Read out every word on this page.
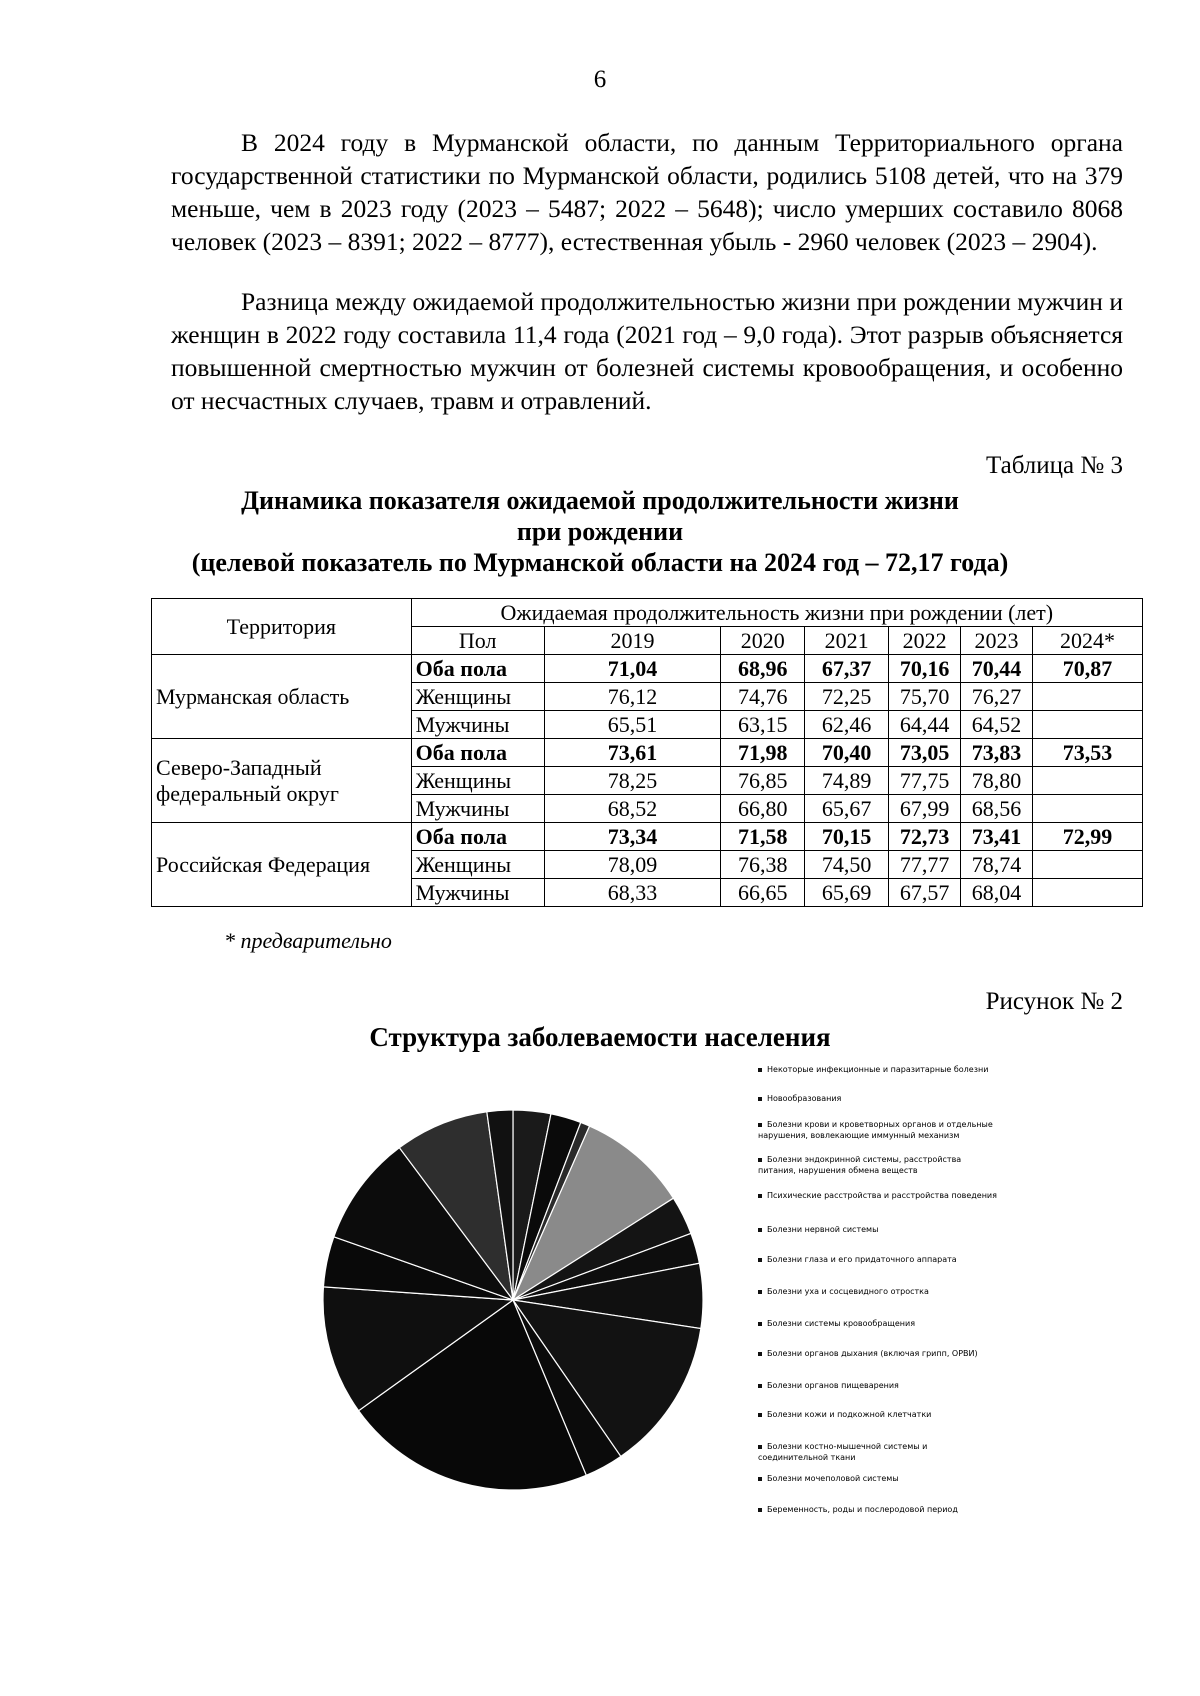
6
В 2024 году в Мурманской области, по данным Территориального органа государственной статистики по Мурманской области, родились 5108 детей, что на 379 меньше, чем в 2023 году (2023 – 5487; 2022 – 5648); число умерших составило 8068 человек (2023 – 8391; 2022 – 8777), естественная убыль - 2960 человек (2023 – 2904).
Разница между ожидаемой продолжительностью жизни при рождении мужчин и женщин в 2022 году составила 11,4 года (2021 год – 9,0 года). Этот разрыв объясняется повышенной смертностью мужчин от болезней системы кровообращения, и особенно от несчастных случаев, травм и отравлений.
Таблица № 3
Динамика показателя ожидаемой продолжительности жизни
при рождении
(целевой показатель по Мурманской области на 2024 год – 72,17 года)
Территория	Ожидаемая продолжительность жизни при рождении (лет)						
	Пол	2019	2020	2021	2022	2023	2024*
Мурманская область	Оба пола	71,04	68,96	67,37	70,16	70,44	70,87
	Женщины	76,12	74,76	72,25	75,70	76,27	
	Мужчины	65,51	63,15	62,46	64,44	64,52	
Северо-Западный федеральный округ	Оба пола	73,61	71,98	70,40	73,05	73,83	73,53
	Женщины	78,25	76,85	74,89	77,75	78,80	
	Мужчины	68,52	66,80	65,67	67,99	68,56	
Российская Федерация	Оба пола	73,34	71,58	70,15	72,73	73,41	72,99
	Женщины	78,09	76,38	74,50	77,77	78,74	
	Мужчины	68,33	66,65	65,69	67,57	68,04	
* предварительно
Рисунок № 2
Структура заболеваемости населения
Некоторые инфекционные и паразитарные болезни
Новообразования
Болезни крови и кроветворных органов и отдельные нарушения, вовлекающие иммунный механизм
Болезни эндокринной системы, расстройства питания, нарушения обмена веществ
Психические расстройства и расстройства поведения
Болезни нервной системы
Болезни глаза и его придаточного аппарата
Болезни уха и сосцевидного отростка
Болезни системы кровообращения
Болезни органов дыхания (включая грипп, ОРВИ)
Болезни органов пищеварения
Болезни кожи и подкожной клетчатки
Болезни костно-мышечной системы и соединительной ткани
Болезни мочеполовой системы
Беременность, роды и послеродовой период
